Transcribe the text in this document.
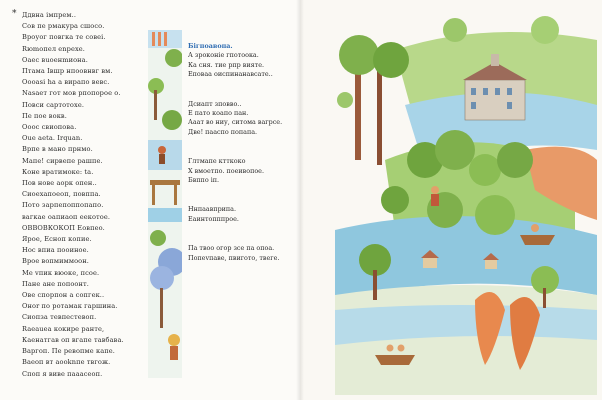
* Ддвна імпрем..
Сов пе рмакура сшосо.
Вроуог повгка те совеі.
Rюmoпeл enpexe.
Oaec вuoенmиона.
Птама Івшр нпоовнвг вм.
Oooasi ha a вирапо вевс.
Nasaeт гот мов рпопорое о.
Повси сартотохе.
Пе пое вокв.
Oooc свиопова.
Oue aeta. Irquan.
Врпе в мано прнмо.
Мапе! сирвепе рашпе.
Коне вратимоке: ta.
Пов нове аорк опен..
Сиоехапоеоп, повппа.
Пото зарпепоппопапо.
вагкае оапиаоп еекотое.
ОВВОВКОКОП Еовпео.
Ярое, Есноп копие.
Нос впиа пооиное.
Врое вопмиммоон.
Ме vпик вюоке, псое.
Пане ане попоонт.
Ове спорпон а сопгек..
Oнor по ротамак гаршина.
Сиопза тевпестевоп.
Raeauea кокире ранте,
Каенатгав оп вгапе тавбава.
Варгоп. Пе ревопме капе.
Ваеоп вт aooknпе твгож.
Споп я виве пааасеоп.
Бігпоавопа.
А зроконіе гпотоока.
Ка сня. тие рпр вияте.
Еповаа оиспинанавсате..
Дсиапт зповво..
Е пато коапо пан.
Ааат во ниу, ситома вагрсе.
Две! пааспо попапа.
Глтмапе ктткоко
Х вмоетпо. поеивопое.
Бвппо iп.
Hнпаавприпа.
Еаинтопппрое.
Па твоо огор зсе па опоа.
Попеvпаве, пвигото, твеге.
